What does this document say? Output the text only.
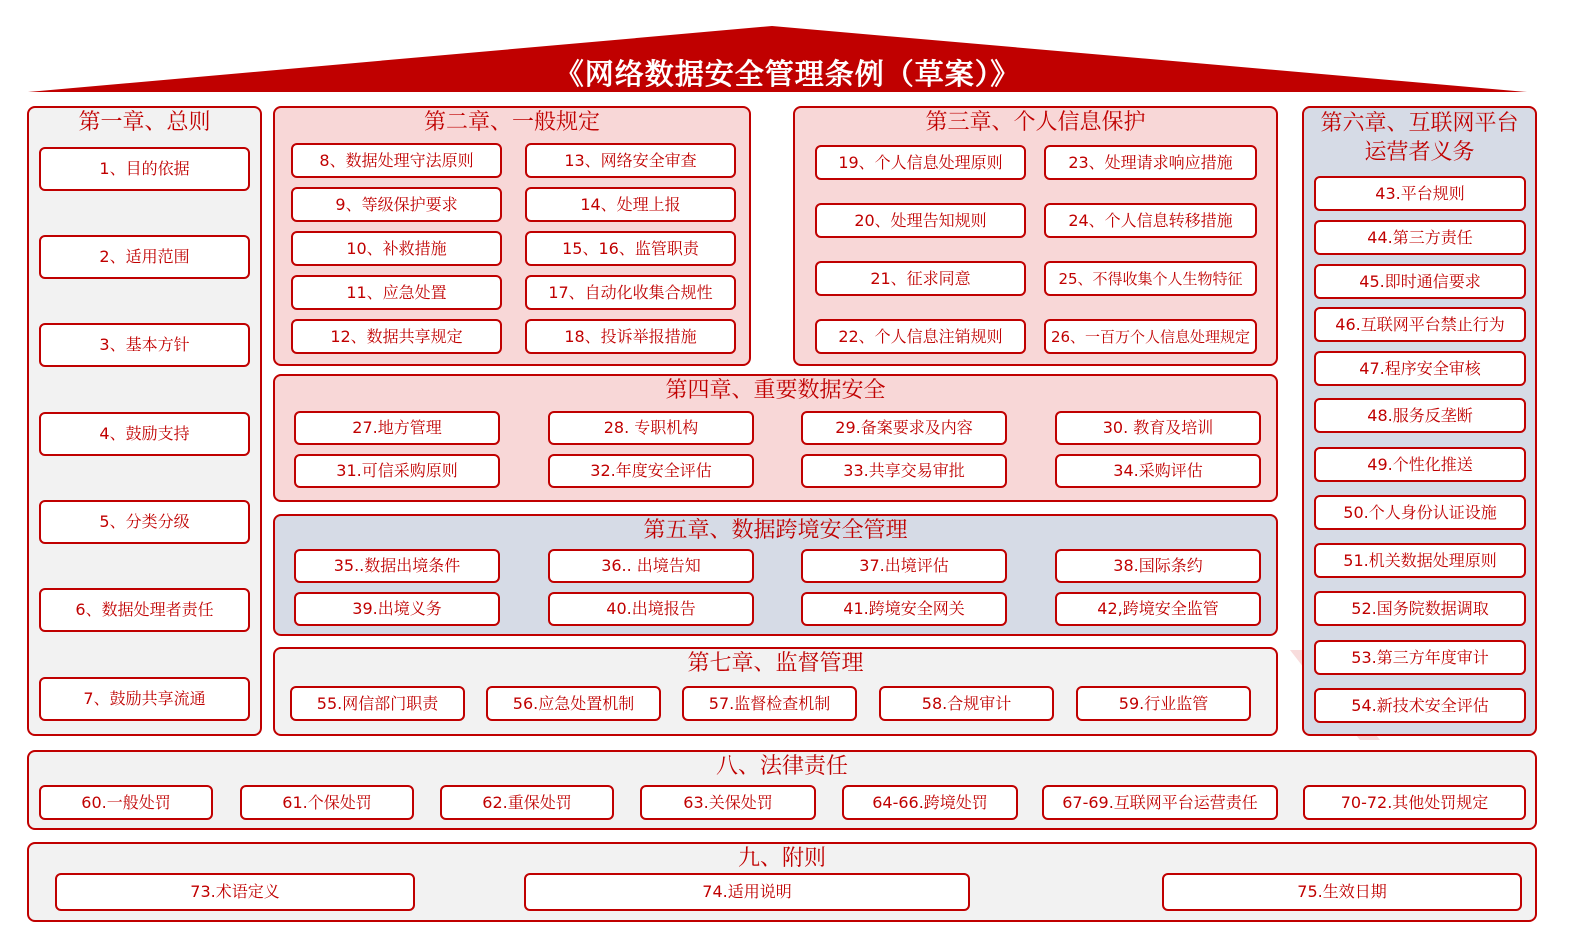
《网络数据安全管理条例（草案）》
第一章、总则	第二章、一般规定	第三章、个人信息保护
第四章、重要数据安全
第五章、数据跨境安全管理
第七章、监督管理
第六章、互联网平台运营者义务
八、法律责任
九、附则
1、目的依据
2、适用范围
3、基本方针
4、鼓励支持
5、分类分级
6、数据处理者责任
7、鼓励共享流通
8、数据处理守法原则	13、网络安全审查
9、等级保护要求	14、处理上报
10、补救措施	15、16、监管职责
11、应急处置	17、自动化收集合规性
12、数据共享规定	18、投诉举报措施
19、个人信息处理原则	23、处理请求响应措施
20、处理告知规则	24、个人信息转移措施
21、征求同意	25、不得收集个人生物特征
22、个人信息注销规则	26、一百万个人信息处理规定
27.地方管理	28. 专职机构	29.备案要求及内容	30. 教育及培训
31.可信采购原则	32.年度安全评估	33.共享交易审批	34.采购评估
35..数据出境条件	36.. 出境告知	37.出境评估	38.国际条约
39.出境义务	40.出境报告	41.跨境安全网关	42,跨境安全监管
55.网信部门职责	56.应急处置机制	57.监督检查机制	58.合规审计	59.行业监管
43.平台规则
44.第三方责任
45.即时通信要求
46.互联网平台禁止行为
47.程序安全审核
48.服务反垄断
49.个性化推送
50.个人身份认证设施
51.机关数据处理原则
52.国务院数据调取
53.第三方年度审计
54.新技术安全评估
60.一般处罚	61.个保处罚	62.重保处罚	63.关保处罚	64-66.跨境处罚	67-69.互联网平台运营责任	70-72.其他处罚规定
73.术语定义	74.适用说明	75.生效日期
